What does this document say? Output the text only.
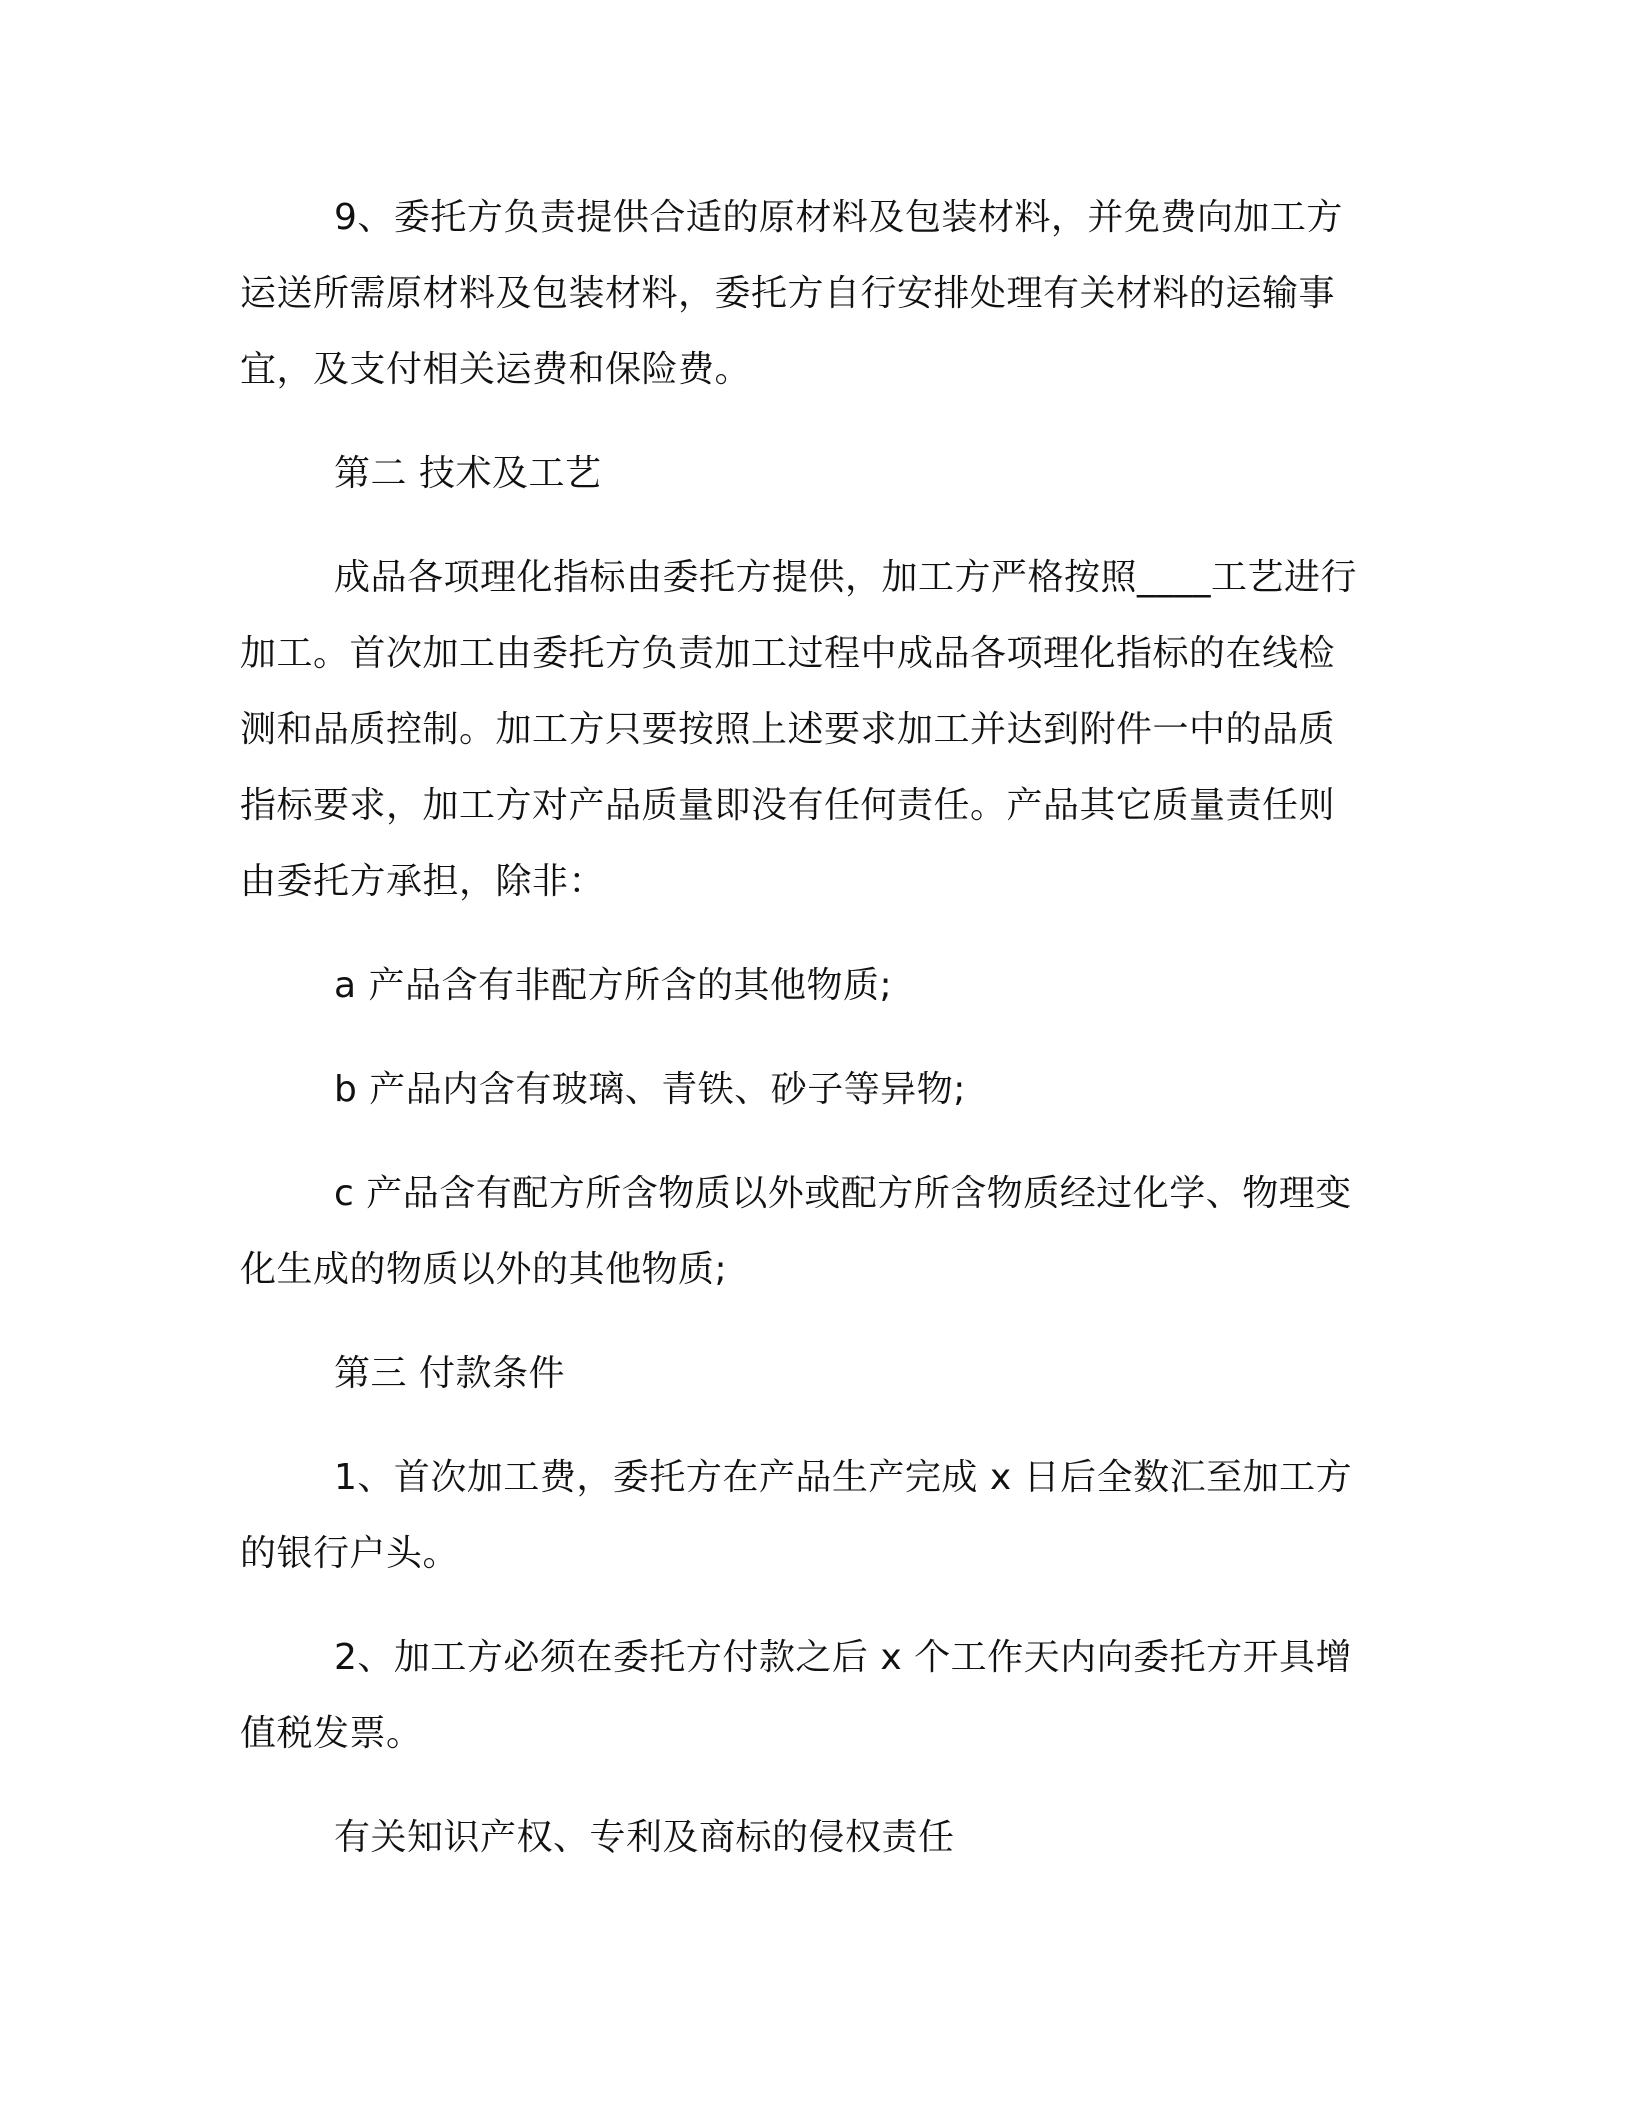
9、委托方负责提供合适的原材料及包装材料，并免费向加工方
运送所需原材料及包装材料，委托方自行安排处理有关材料的运输事
宜，及支付相关运费和保险费。
第二 技术及工艺
成品各项理化指标由委托方提供，加工方严格按照____工艺进行
加工。首次加工由委托方负责加工过程中成品各项理化指标的在线检
测和品质控制。加工方只要按照上述要求加工并达到附件一中的品质
指标要求，加工方对产品质量即没有任何责任。产品其它质量责任则
由委托方承担，除非：
a 产品含有非配方所含的其他物质;
b 产品内含有玻璃、青铁、砂子等异物;
c 产品含有配方所含物质以外或配方所含物质经过化学、物理变
化生成的物质以外的其他物质;
第三 付款条件
1、首次加工费，委托方在产品生产完成 x 日后全数汇至加工方
的银行户头。
2、加工方必须在委托方付款之后 x 个工作天内向委托方开具增
值税发票。
有关知识产权、专利及商标的侵权责任
